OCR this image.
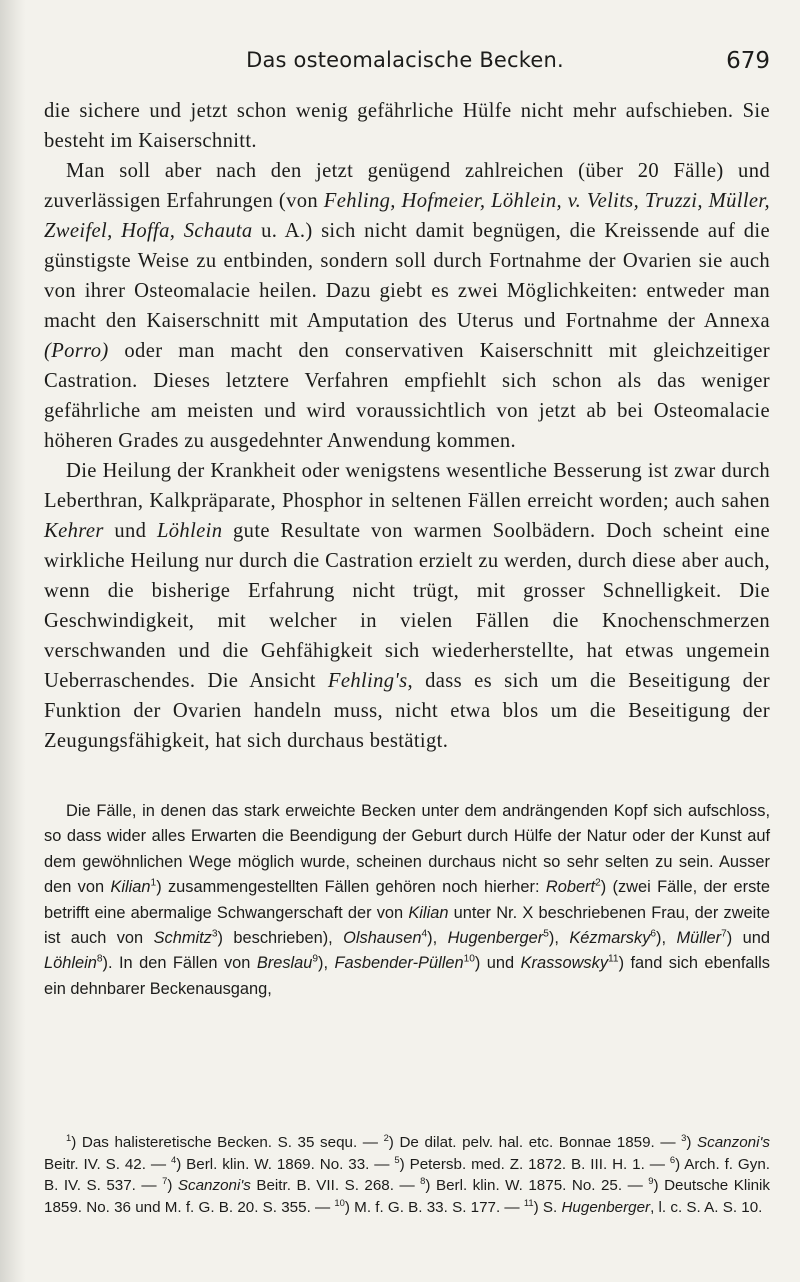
Das osteomalacische Becken.	679

die sichere und jetzt schon wenig gefährliche Hülfe nicht mehr aufschieben. Sie besteht im Kaiserschnitt.

Man soll aber nach den jetzt genügend zahlreichen (über 20 Fälle) und zuverlässigen Erfahrungen (von Fehling, Hofmeier, Löhlein, v. Velits, Truzzi, Müller, Zweifel, Hoffa, Schauta u. A.) sich nicht damit begnügen, die Kreissende auf die günstigste Weise zu entbinden, sondern soll durch Fortnahme der Ovarien sie auch von ihrer Osteomalacie heilen. Dazu giebt es zwei Möglichkeiten: entweder man macht den Kaiserschnitt mit Amputation des Uterus und Fortnahme der Annexa (Porro) oder man macht den conservativen Kaiserschnitt mit gleichzeitiger Castration. Dieses letztere Verfahren empfiehlt sich schon als das weniger gefährliche am meisten und wird voraussichtlich von jetzt ab bei Osteomalacie höheren Grades zu ausgedehnter Anwendung kommen.

Die Heilung der Krankheit oder wenigstens wesentliche Besserung ist zwar durch Leberthran, Kalkpräparate, Phosphor in seltenen Fällen erreicht worden; auch sahen Kehrer und Löhlein gute Resultate von warmen Soolbädern. Doch scheint eine wirkliche Heilung nur durch die Castration erzielt zu werden, durch diese aber auch, wenn die bisherige Erfahrung nicht trügt, mit grosser Schnelligkeit. Die Geschwindigkeit, mit welcher in vielen Fällen die Knochenschmerzen verschwanden und die Gehfähigkeit sich wiederherstellte, hat etwas ungemein Ueberraschendes. Die Ansicht Fehling's, dass es sich um die Beseitigung der Funktion der Ovarien handeln muss, nicht etwa blos um die Beseitigung der Zeugungsfähigkeit, hat sich durchaus bestätigt.

Die Fälle, in denen das stark erweichte Becken unter dem andrängenden Kopf sich aufschloss, so dass wider alles Erwarten die Beendigung der Geburt durch Hülfe der Natur oder der Kunst auf dem gewöhnlichen Wege möglich wurde, scheinen durchaus nicht so sehr selten zu sein. Ausser den von Kilian$^1$) zusammengestellten Fällen gehören noch hierher: Robert$^2$) (zwei Fälle, der erste betrifft eine abermalige Schwangerschaft der von Kilian unter Nr. X beschriebenen Frau, der zweite ist auch von Schmitz$^3$) beschrieben), Olshausen$^4$), Hugenberger$^5$), Kézmarsky$^6$), Müller$^7$) und Löhlein$^8$). In den Fällen von Breslau$^9$), Fasbender-Püllen$^{10}$) und Krassowsky$^{11}$) fand sich ebenfalls ein dehnbarer Beckenausgang,

$^1$) Das halisteretische Becken. S. 35 sequ. — $^2$) De dilat. pelv. hal. etc. Bonnae 1859. — $^3$) Scanzoni's Beitr. IV. S. 42. — $^4$) Berl. klin. W. 1869. No. 33. — $^5$) Petersb. med. Z. 1872. B. III. H. 1. — $^6$) Arch. f. Gyn. B. IV. S. 537. — $^7$) Scanzoni's Beitr. B. VII. S. 268. — $^8$) Berl. klin. W. 1875. No. 25. — $^9$) Deutsche Klinik 1859. No. 36 und M. f. G. B. 20. S. 355. — $^{10}$) M. f. G. B. 33. S. 177. — $^{11}$) S. Hugenberger, l. c. S. A. S. 10.
